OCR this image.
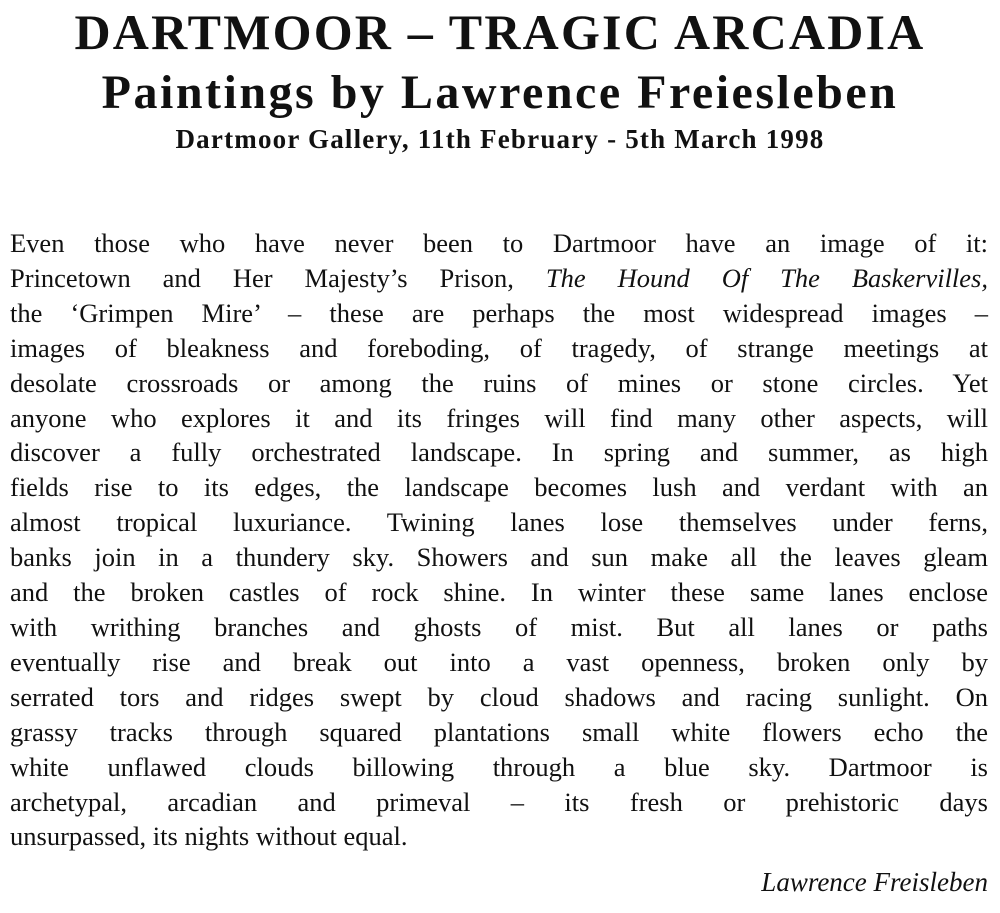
DARTMOOR – TRAGIC ARCADIA
Paintings by Lawrence Freiesleben
Dartmoor Gallery, 11th February - 5th March 1998
Even those who have never been to Dartmoor have an image of it:
Princetown and Her Majesty’s Prison, The Hound Of The Baskervilles,
the ‘Grimpen Mire’ – these are perhaps the most widespread images –
images of bleakness and foreboding, of tragedy, of strange meetings at
desolate crossroads or among the ruins of mines or stone circles. Yet
anyone who explores it and its fringes will find many other aspects, will
discover a fully orchestrated landscape. In spring and summer, as high
fields rise to its edges, the landscape becomes lush and verdant with an
almost tropical luxuriance. Twining lanes lose themselves under ferns,
banks join in a thundery sky. Showers and sun make all the leaves gleam
and the broken castles of rock shine. In winter these same lanes enclose
with writhing branches and ghosts of mist. But all lanes or paths
eventually rise and break out into a vast openness, broken only by
serrated tors and ridges swept by cloud shadows and racing sunlight. On
grassy tracks through squared plantations small white flowers echo the
white unflawed clouds billowing through a blue sky. Dartmoor is
archetypal, arcadian and primeval – its fresh or prehistoric days
unsurpassed, its nights without equal.
Lawrence Freisleben
